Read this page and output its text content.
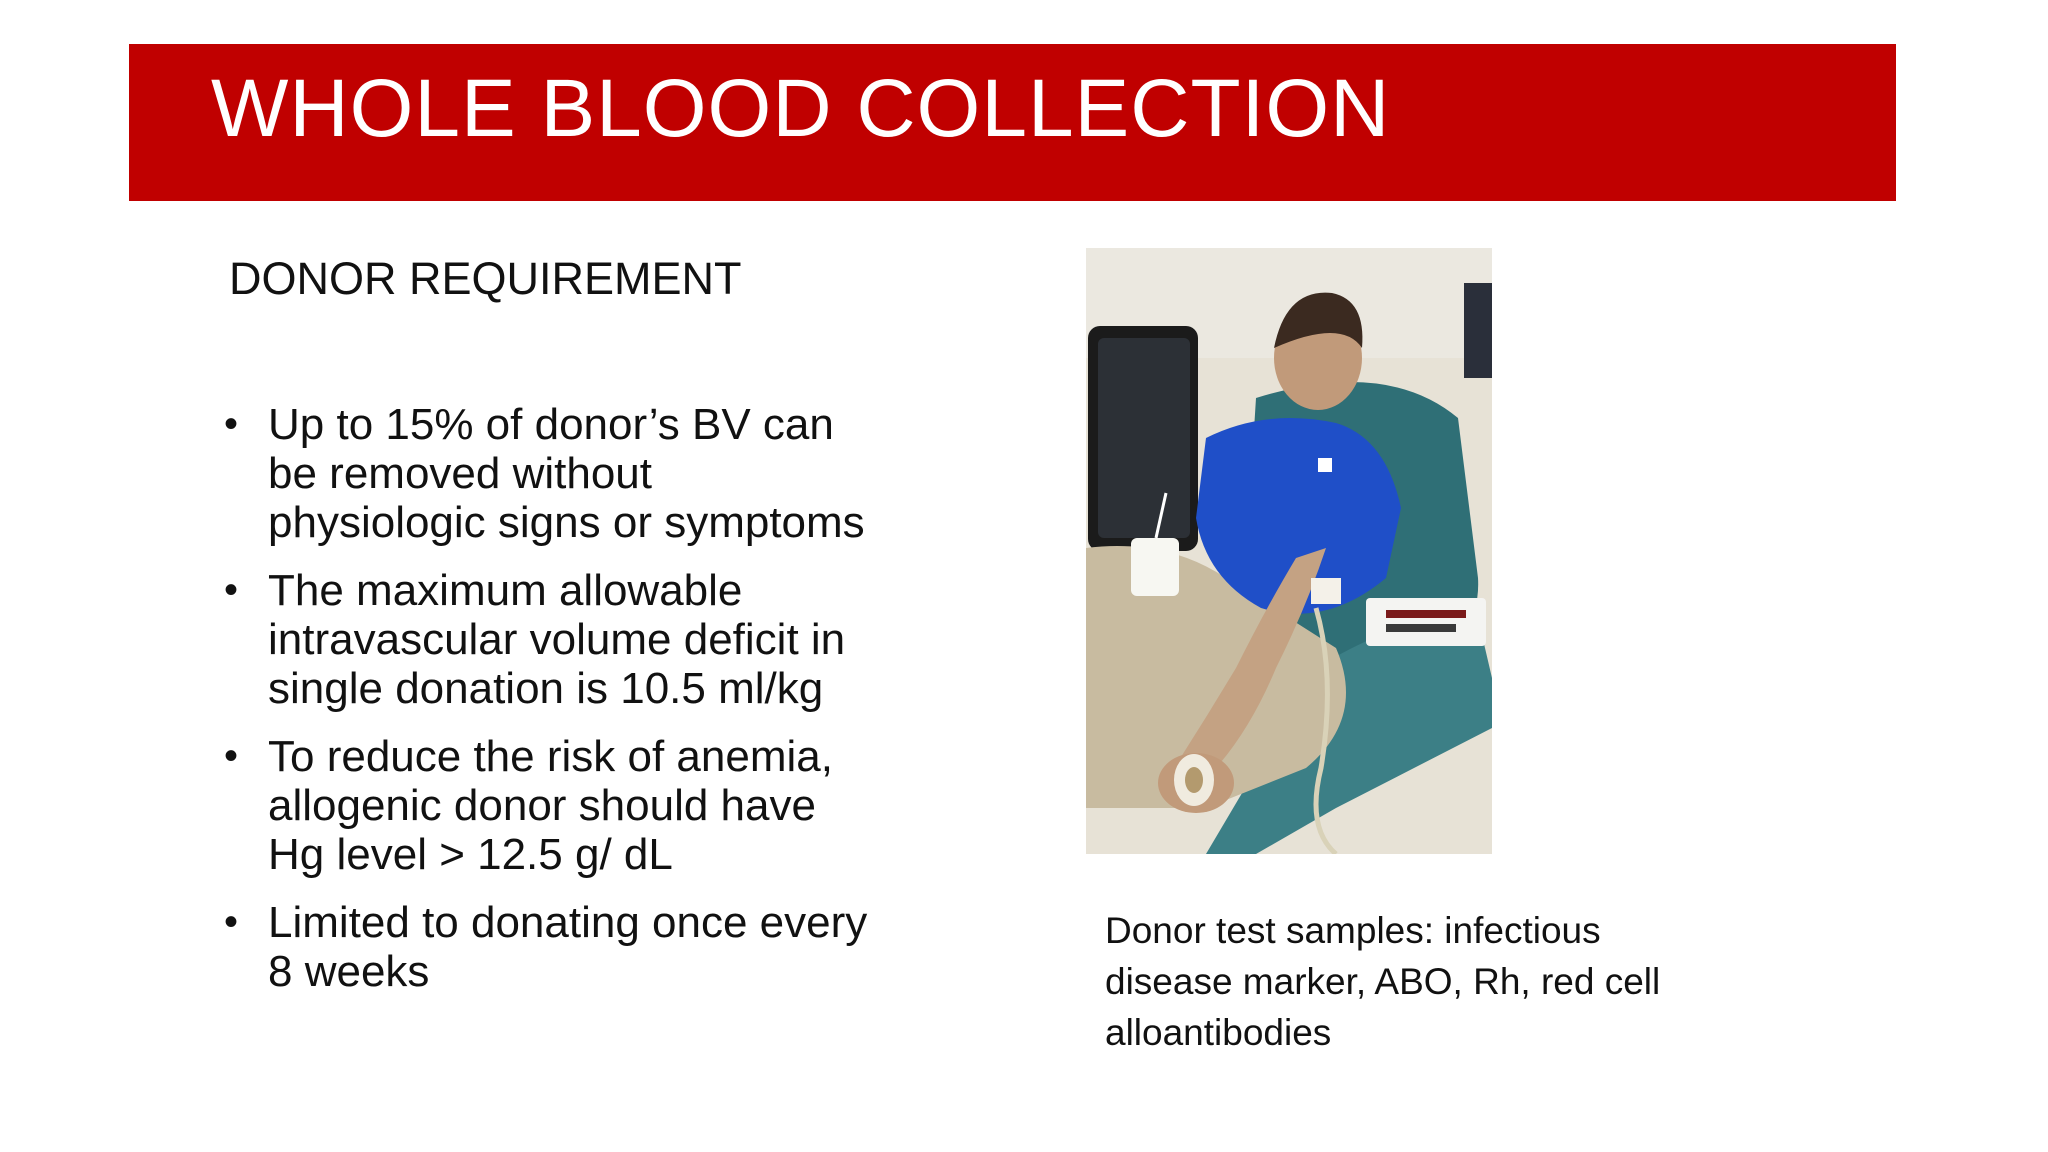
WHOLE BLOOD COLLECTION
DONOR REQUIREMENT
• Up to 15% of donor’s BV can
be removed without
physiologic signs or symptoms
• The maximum allowable
intravascular volume deficit in
single donation is 10.5 ml/kg
• To reduce the risk of anemia,
allogenic donor should have
Hg level > 12.5 g/ dL
• Limited to donating once every
8 weeks
Donor test samples: infectious disease marker, ABO, Rh, red cell alloantibodies
